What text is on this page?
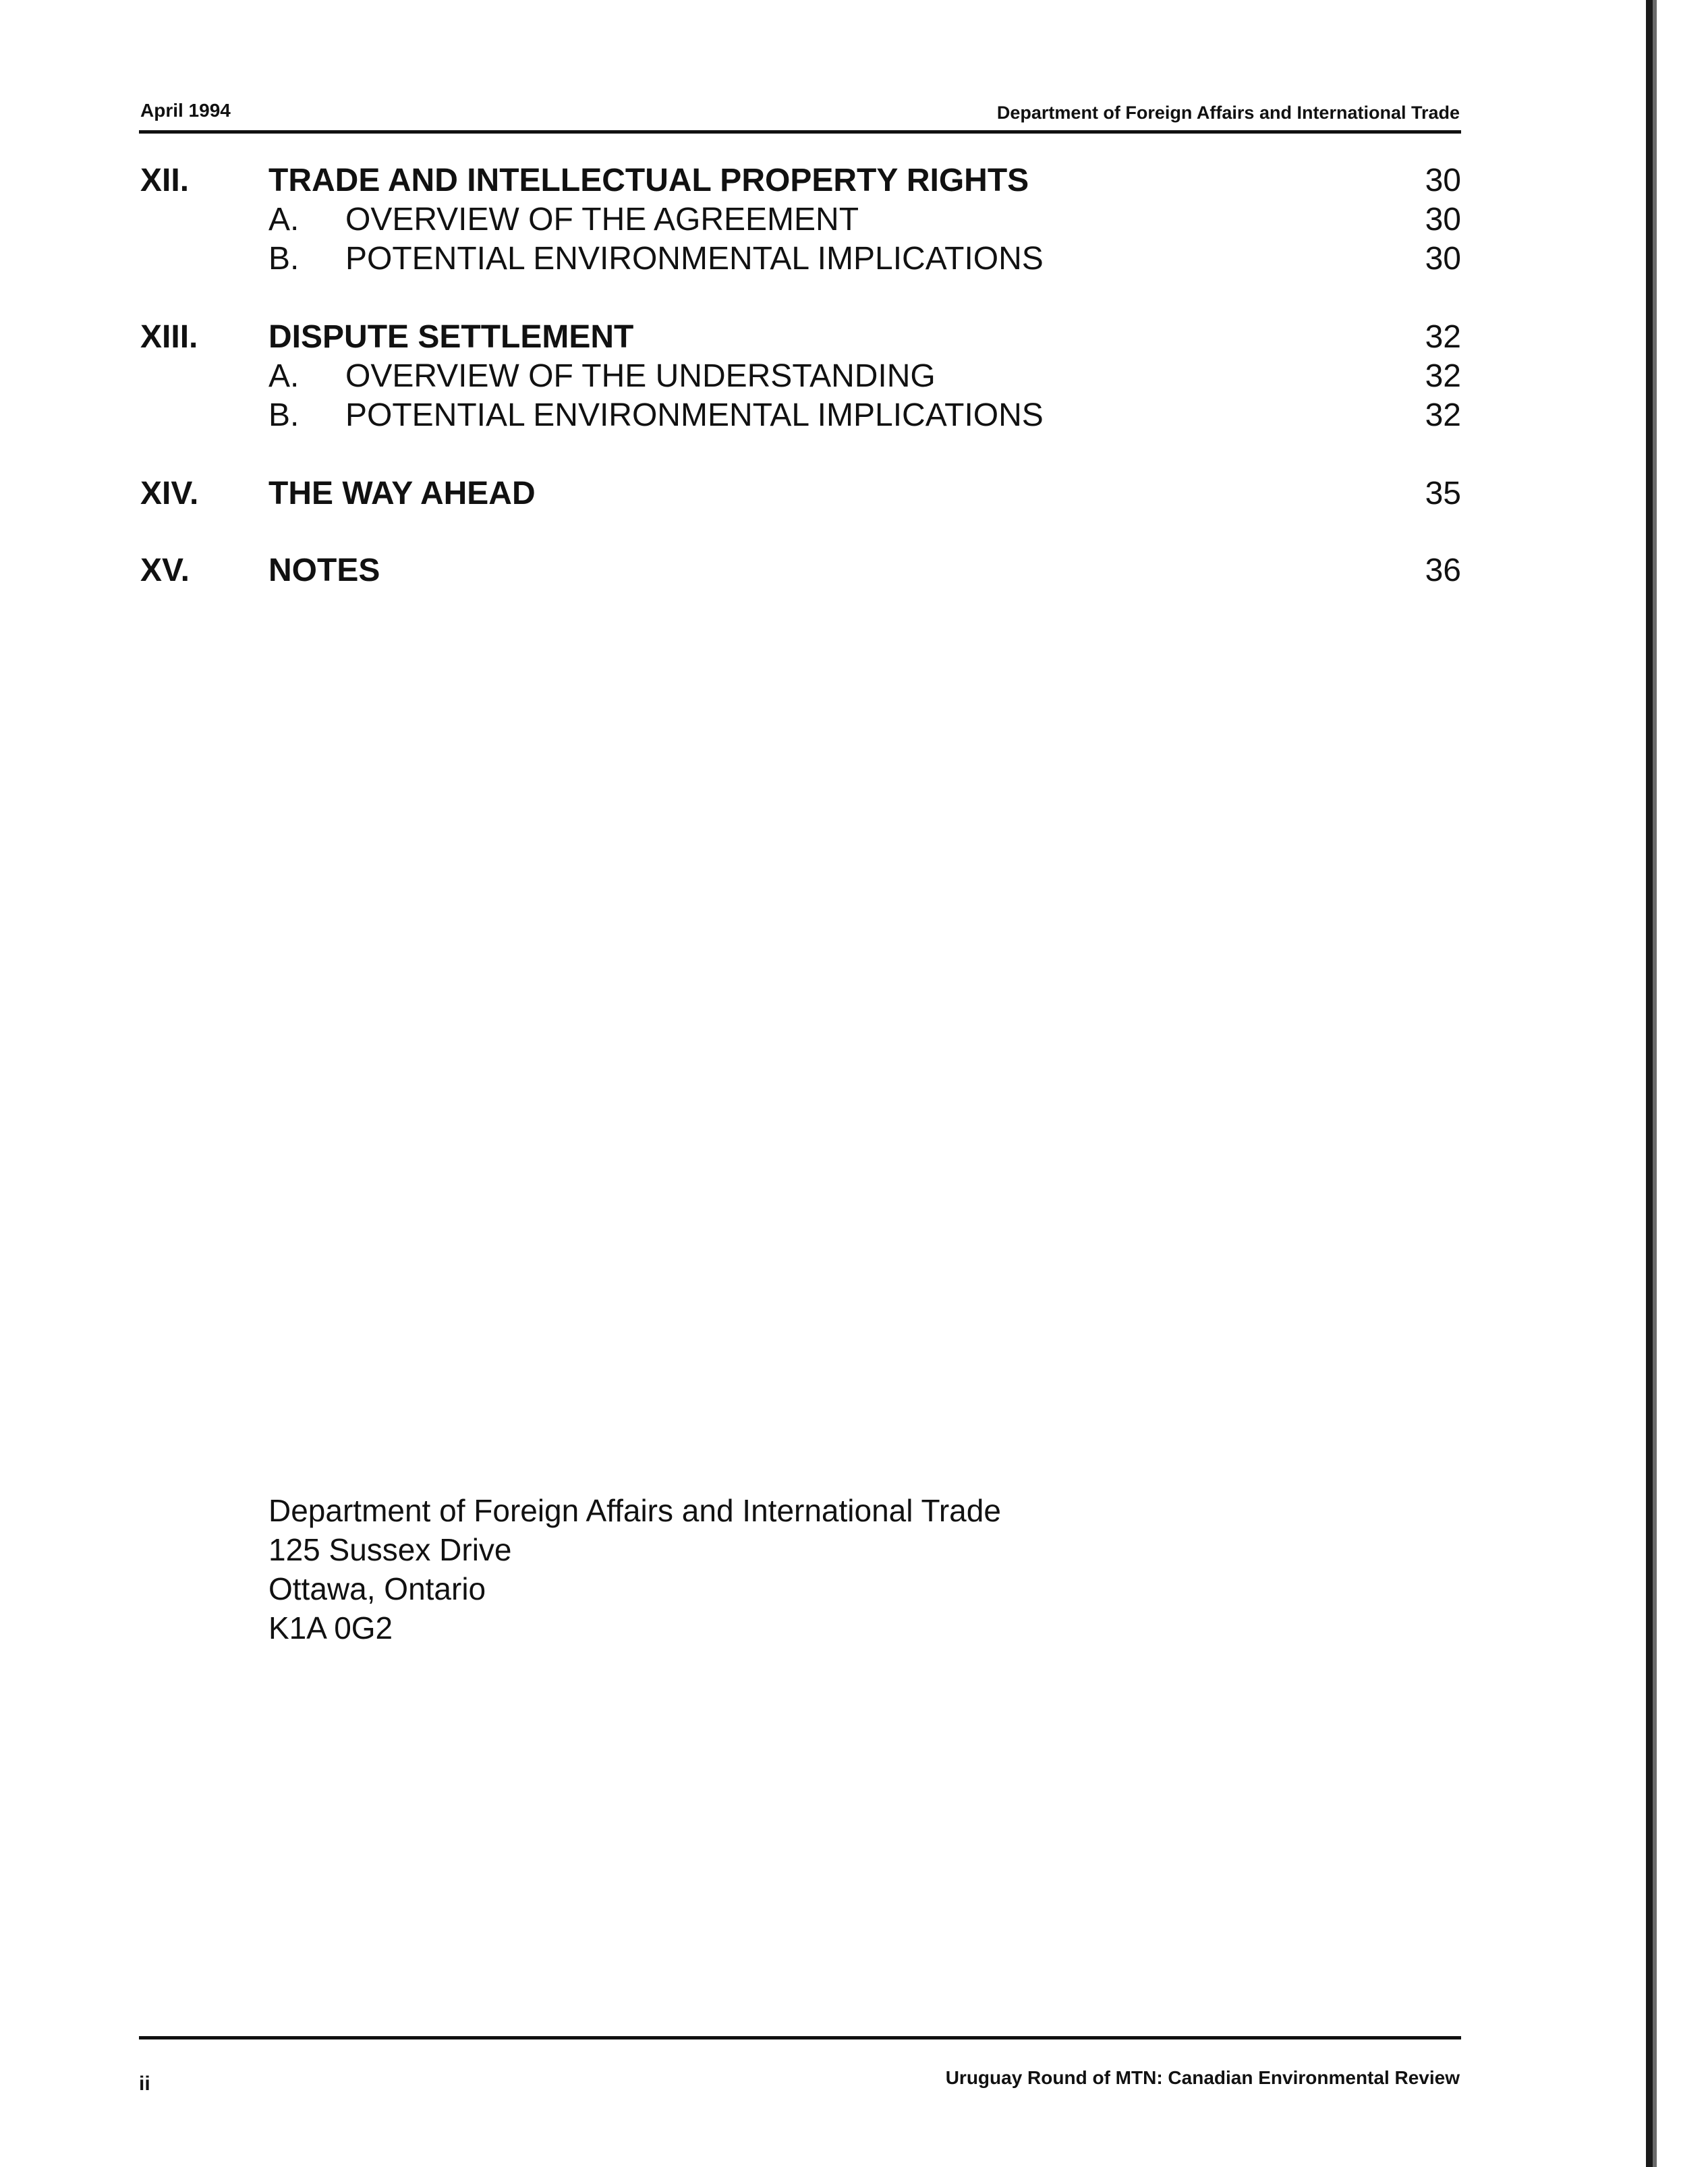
April 1994	Department of Foreign Affairs and International Trade
XII. TRADE AND INTELLECTUAL PROPERTY RIGHTS	30
A. OVERVIEW OF THE AGREEMENT	30
B. POTENTIAL ENVIRONMENTAL IMPLICATIONS	30
XIII. DISPUTE SETTLEMENT	32
A. OVERVIEW OF THE UNDERSTANDING	32
B. POTENTIAL ENVIRONMENTAL IMPLICATIONS	32
XIV. THE WAY AHEAD	35
XV. NOTES	36
Department of Foreign Affairs and International Trade
125 Sussex Drive
Ottawa, Ontario
K1A 0G2
ii	Uruguay Round of MTN: Canadian Environmental Review
